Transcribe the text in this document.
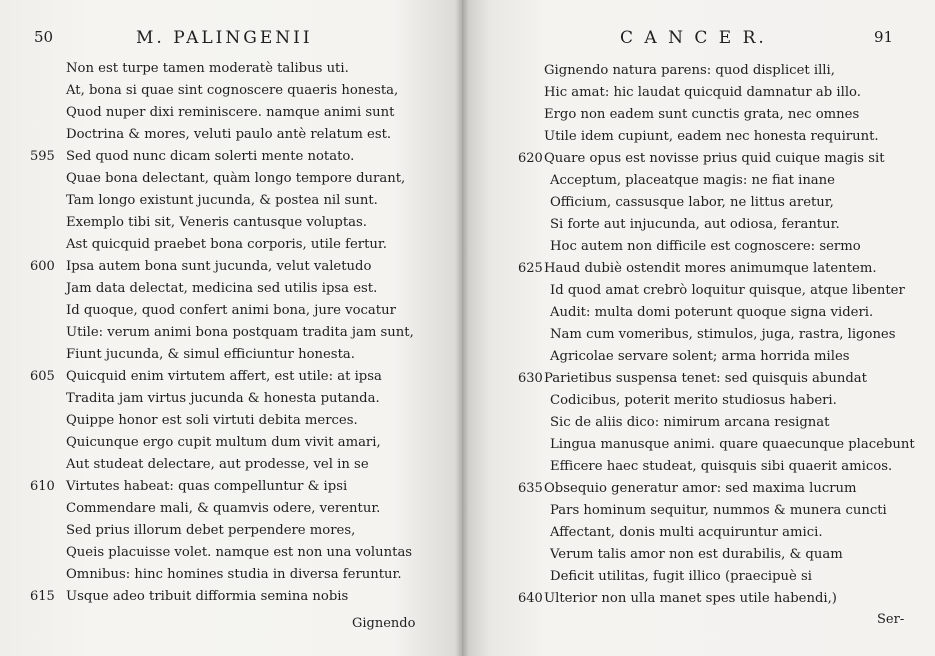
50	M. PALINGENII
Non est turpe tamen moderatè talibus uti.
At, bona si quae sint cognoscere quaeris honesta,
Quod nuper dixi reminiscere. namque animi sunt
Doctrina & mores, veluti paulo antè relatum est.
Sed quod nunc dicam solerti mente notato.
595
Quae bona delectant, quàm longo tempore durant,
Tam longo existunt jucunda, & postea nil sunt.
Exemplo tibi sit, Veneris cantusque voluptas.
Ast quicquid praebet bona corporis, utile fertur.
Ipsa autem bona sunt jucunda, velut valetudo
600
Jam data delectat, medicina sed utilis ipsa est.
Id quoque, quod confert animi bona, jure vocatur
Utile: verum animi bona postquam tradita jam sunt,
Fiunt jucunda, & simul efficiuntur honesta.
Quicquid enim virtutem affert, est utile: at ipsa
605
Tradita jam virtus jucunda & honesta putanda.
Quippe honor est soli virtuti debita merces.
Quicunque ergo cupit multum dum vivit amari,
Aut studeat delectare, aut prodesse, vel in se
Virtutes habeat: quas compelluntur & ipsi
610
Commendare mali, & quamvis odere, verentur.
Sed prius illorum debet perpendere mores,
Queis placuisse volet. namque est non una voluntas
Omnibus: hinc homines studia in diversa feruntur.
Usque adeo tribuit difformia semina nobis
615
Gignendo
C A N C E R.	91
Gignendo natura parens: quod displicet illi,
Hic amat: hic laudat quicquid damnatur ab illo.
Ergo non eadem sunt cunctis grata, nec omnes
Utile idem cupiunt, eadem nec honesta requirunt.
Quare opus est novisse prius quid cuique magis sit
620
Acceptum, placeatque magis: ne fiat inane
Officium, cassusque labor, ne littus aretur,
Si forte aut injucunda, aut odiosa, ferantur.
Hoc autem non difficile est cognoscere: sermo
Haud dubiè ostendit mores animumque latentem.
625
Id quod amat crebrò loquitur quisque, atque libenter
Audit: multa domi poterunt quoque signa videri.
Nam cum vomeribus, stimulos, juga, rastra, ligones
Agricolae servare solent; arma horrida miles
Parietibus suspensa tenet: sed quisquis abundat
630
Codicibus, poterit merito studiosus haberi.
Sic de aliis dico: nimirum arcana resignat
Lingua manusque animi. quare quaecunque placebunt
Efficere haec studeat, quisquis sibi quaerit amicos.
Obsequio generatur amor: sed maxima lucrum
635
Pars hominum sequitur, nummos & munera cuncti
Affectant, donis multi acquiruntur amici.
Verum talis amor non est durabilis, & quam
Deficit utilitas, fugit illico (praecipuè si
Ulterior non ulla manet spes utile habendi,)
640
Ser-
